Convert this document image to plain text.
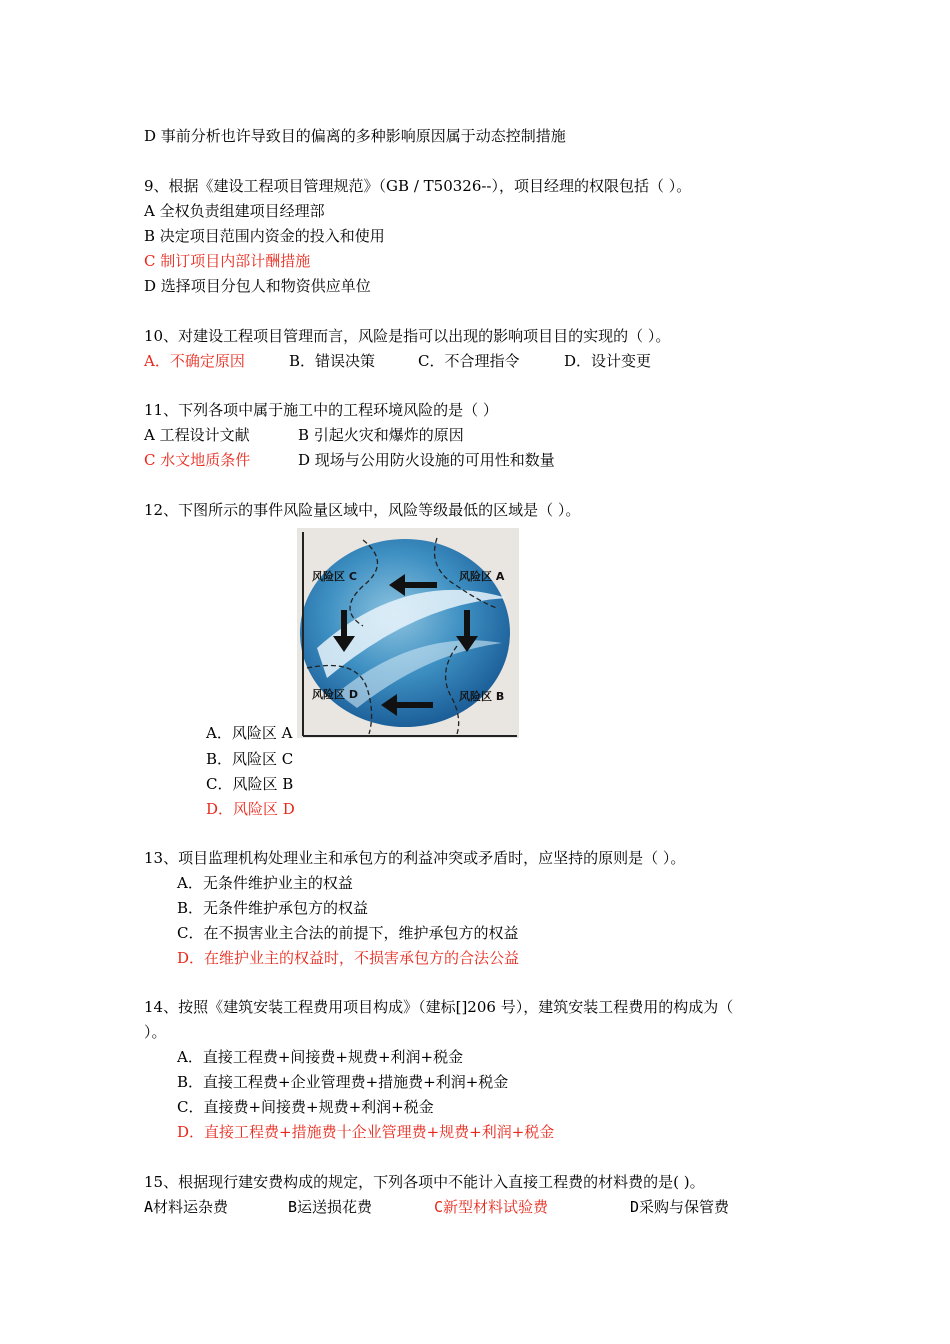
D 事前分析也许导致目的偏离的多种影响原因属于动态控制措施
9、根据《建设工程项目管理规范》（GB / T50326--），项目经理的权限包括（ ）。
A 全权负责组建项目经理部
B 决定项目范围内资金的投入和使用
C 制订项目内部计酬措施
D 选择项目分包人和物资供应单位
10、对建设工程项目管理而言，风险是指可以出现的影响项目目的实现的（ ）。
A．不确定原因	B．错误决策	C．不合理指令	D．设计变更
11、下列各项中属于施工中的工程环境风险的是（ ）
A 工程设计文献	B 引起火灾和爆炸的原因
C 水文地质条件	D 现场与公用防火设施的可用性和数量
12、下图所示的事件风险量区域中，风险等级最低的区域是（ ）。
风险区 C	风险区 A
风险区 D	风险区 B
A．风险区 A
B．风险区 C
C．风险区 B
D．风险区 D
13、项目监理机构处理业主和承包方的利益冲突或矛盾时，应坚持的原则是（ ）。
A．无条件维护业主的权益
B．无条件维护承包方的权益
C．在不损害业主合法的前提下，维护承包方的权益
D．在维护业主的权益时，不损害承包方的合法公益
14、按照《建筑安装工程费用项目构成》（建标[]206 号），建筑安装工程费用的构成为（
）。
A．直接工程费+间接费+规费+利润+税金
B．直接工程费+企业管理费+措施费+利润+税金
C．直接费+间接费+规费+利润+税金
D．直接工程费+措施费十企业管理费+规费+利润+税金
15、根据现行建安费构成的规定，下列各项中不能计入直接工程费的材料费的是( )。
A材料运杂费	B运送损花费	C新型材料试验费	D采购与保管费
